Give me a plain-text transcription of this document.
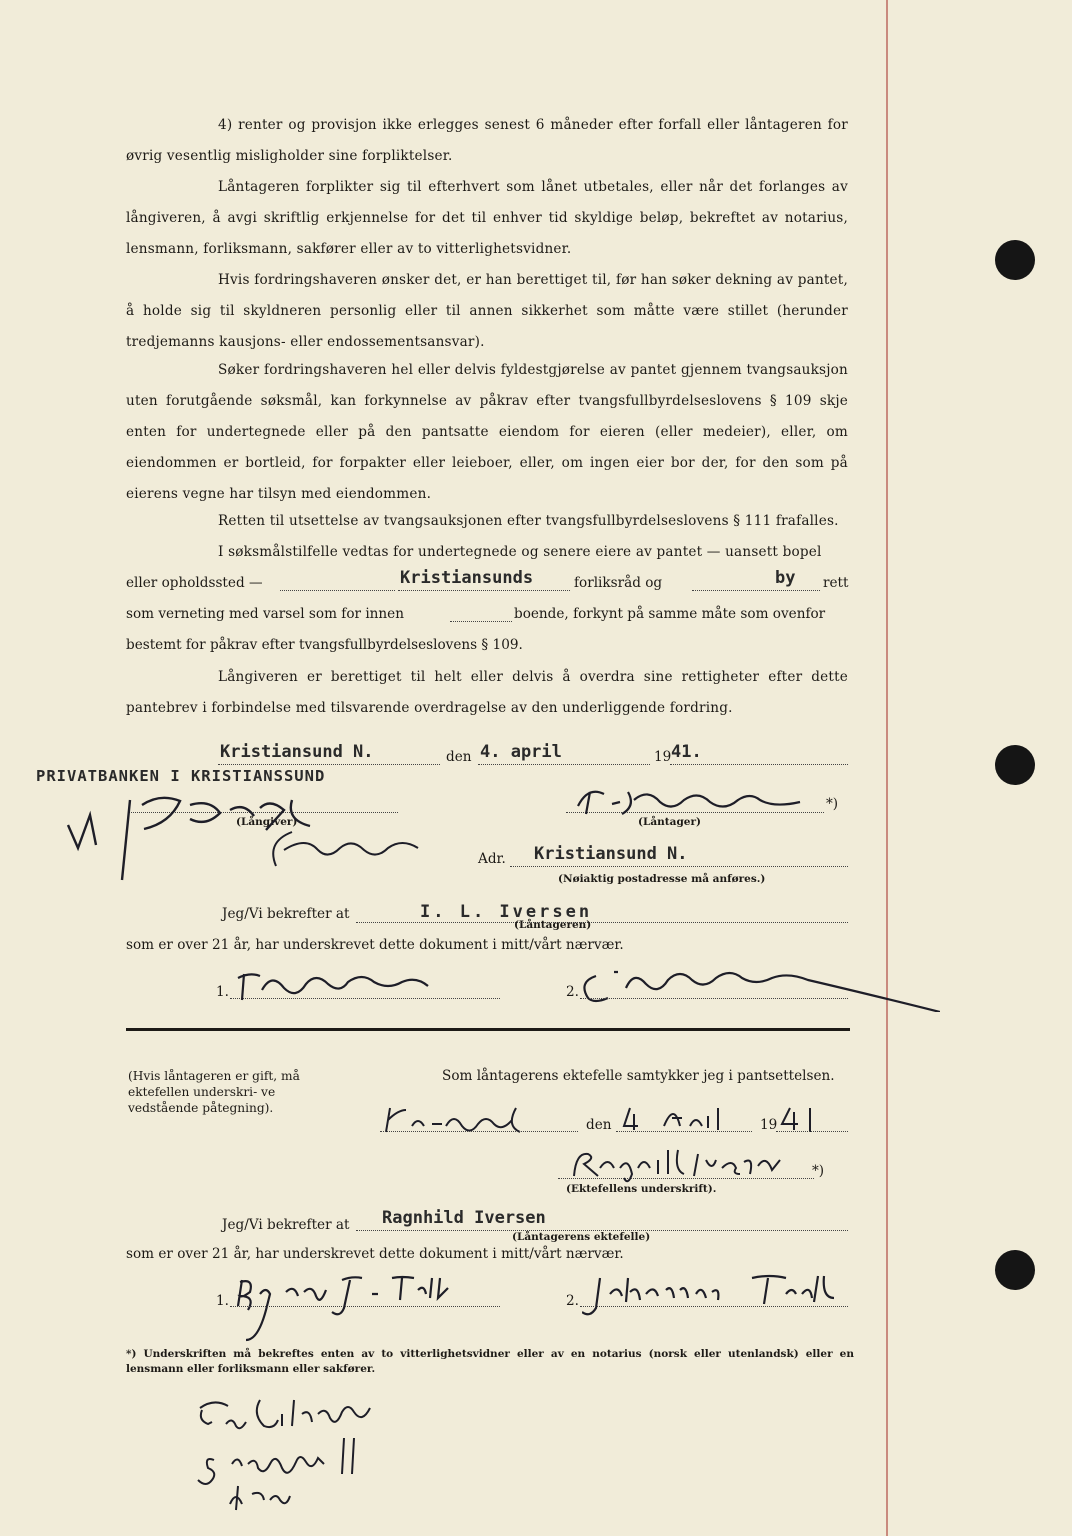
4) renter og provisjon ikke erlegges senest 6 måneder efter forfall eller låntageren for øvrig vesentlig misligholder sine forpliktelser.
Låntageren forplikter sig til efterhvert som lånet utbetales, eller når det forlanges av långiveren, å avgi skriftlig erkjennelse for det til enhver tid skyldige beløp, bekreftet av notarius, lensmann, forliksmann, sakfører eller av to vitterlighetsvidner.
Hvis fordringshaveren ønsker det, er han berettiget til, før han søker dekning av pantet, å holde sig til skyldneren personlig eller til annen sikkerhet som måtte være stillet (herunder tredjemanns kausjons- eller endossementsansvar).
Søker fordringshaveren hel eller delvis fyldestgjørelse av pantet gjennem tvangsauksjon uten forutgående søksmål, kan forkynnelse av påkrav efter tvangsfullbyrdelseslovens § 109 skje enten for undertegnede eller på den pantsatte eiendom for eieren (eller medeier), eller, om eiendommen er bortleid, for forpakter eller leieboer, eller, om ingen eier bor der, for den som på eierens vegne har tilsyn med eiendommen.
Retten til utsettelse av tvangsauksjonen efter tvangsfullbyrdelseslovens § 111 frafalles.
I søksmålstilfelle vedtas for undertegnede og senere eiere av pantet — uansett bopel
eller opholdssted —	Kristiansunds	forliksråd og	by rett
som verneting med varsel som for innen	boende, forkynt på samme måte som ovenfor
bestemt for påkrav efter tvangsfullbyrdelseslovens § 109.
Långiveren er berettiget til helt eller delvis å overdra sine rettigheter efter dette pantebrev i forbindelse med tilsvarende overdragelse av den underliggende fordring.
Kristiansund N.	den 4. april	19 41.
PRIVATBANKEN I KRISTIANSSUND
*)
(Långiver)	(Låntager)
Adr. Kristiansund N.
(Nøiaktig postadresse må anføres.)
Jeg/Vi bekrefter at	I. L. Iversen
(Låntageren)
som er over 21 år, har underskrevet dette dokument i mitt/vårt nærvær.
1.	2.
(Hvis låntageren er gift, må ektefellen underskri- ve vedstående påtegning).
Som låntagerens ektefelle samtykker jeg i pantsettelsen.
den	19
*)
(Ektefellens underskrift).
Jeg/Vi bekrefter at Ragnhild Iversen
(Låntagerens ektefelle)
som er over 21 år, har underskrevet dette dokument i mitt/vårt nærvær.
1.	2.
*) Underskriften må bekreftes enten av to vitterlighetsvidner eller av en notarius (norsk eller utenlandsk) eller en lensmann eller forliksmann eller sakfører.
